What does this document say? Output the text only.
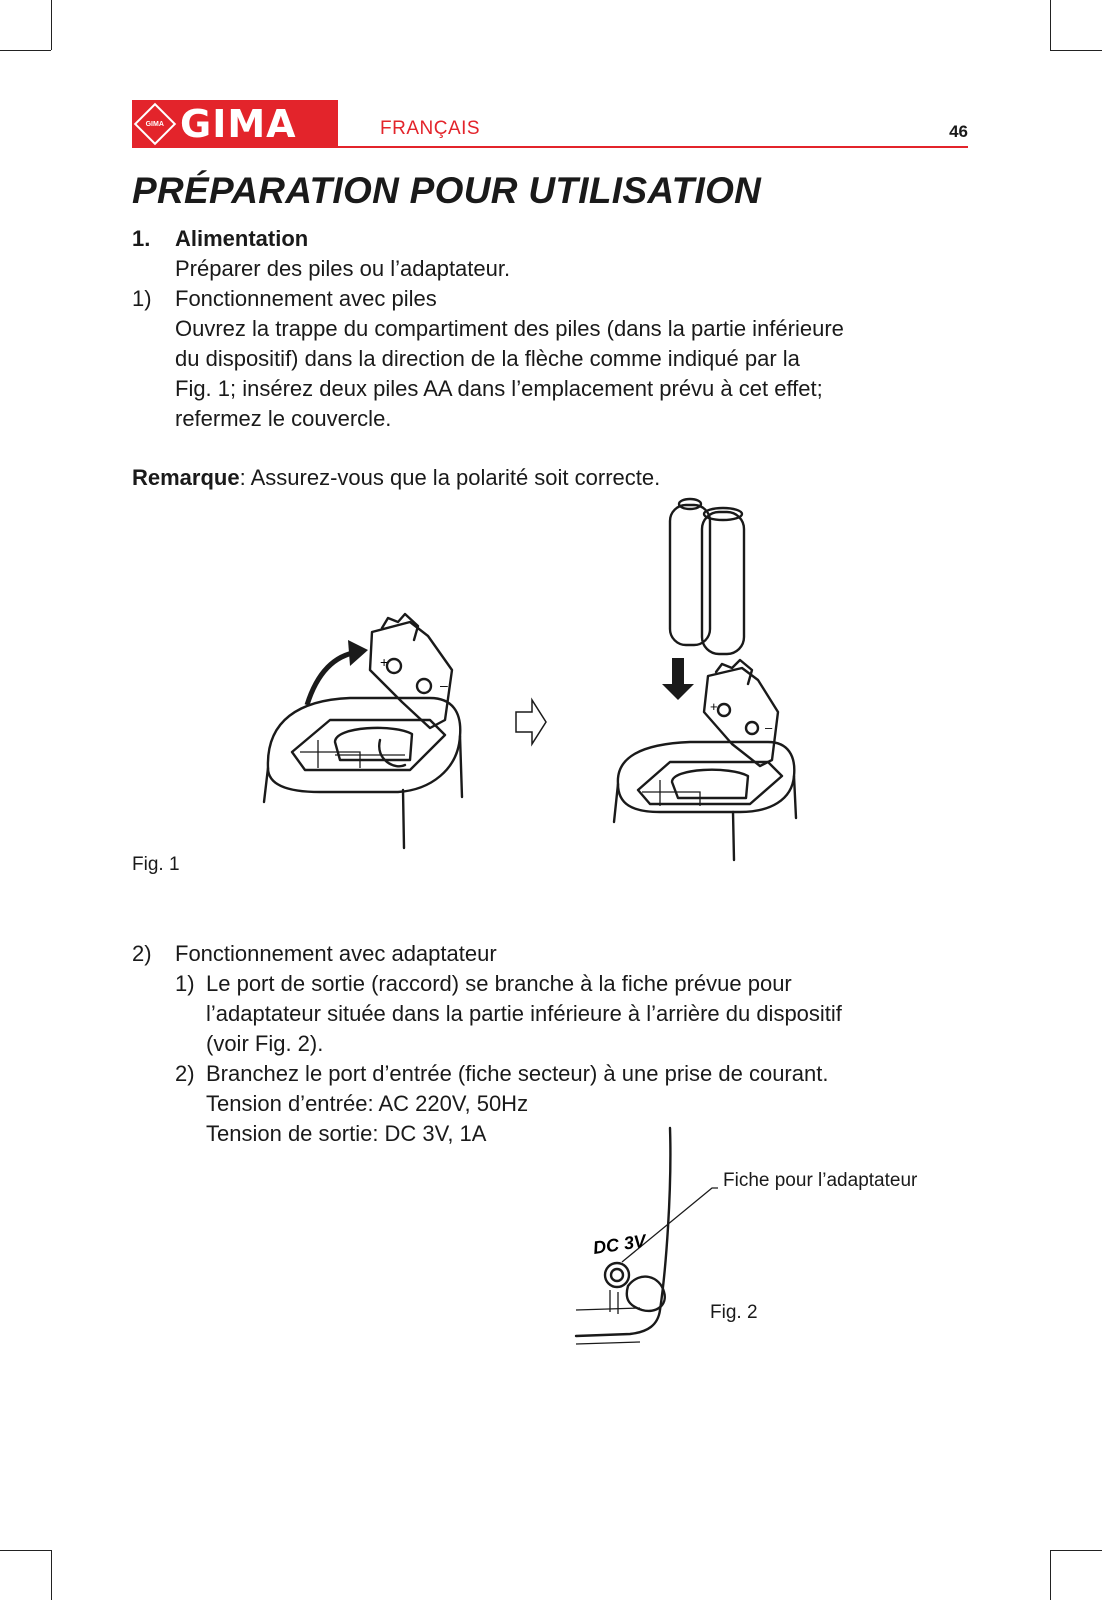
GIMA GIMA	FRANÇAIS	46
PRÉPARATION POUR UTILISATION
1. Alimentation
Préparer des piles ou l’adaptateur.
1) Fonctionnement avec piles
Ouvrez la trappe du compartiment des piles (dans la partie inférieure
du dispositif) dans la direction de la flèche comme indiqué par la
Fig. 1; insérez deux piles AA dans l’emplacement prévu à cet effet;
refermez le couvercle.
Remarque: Assurez-vous que la polarité soit correcte.
+
–
+
–
Fig. 1
2) Fonctionnement avec adaptateur
1) Le port de sortie (raccord) se branche à la fiche prévue pour
l’adaptateur située dans la partie inférieure à l’arrière du dispositif
(voir Fig. 2).
2) Branchez le port d’entrée (fiche secteur) à une prise de courant.
Tension d’entrée: AC 220V, 50Hz
Tension de sortie: DC 3V, 1A
DC 3V
Fiche pour l’adaptateur
Fig. 2
